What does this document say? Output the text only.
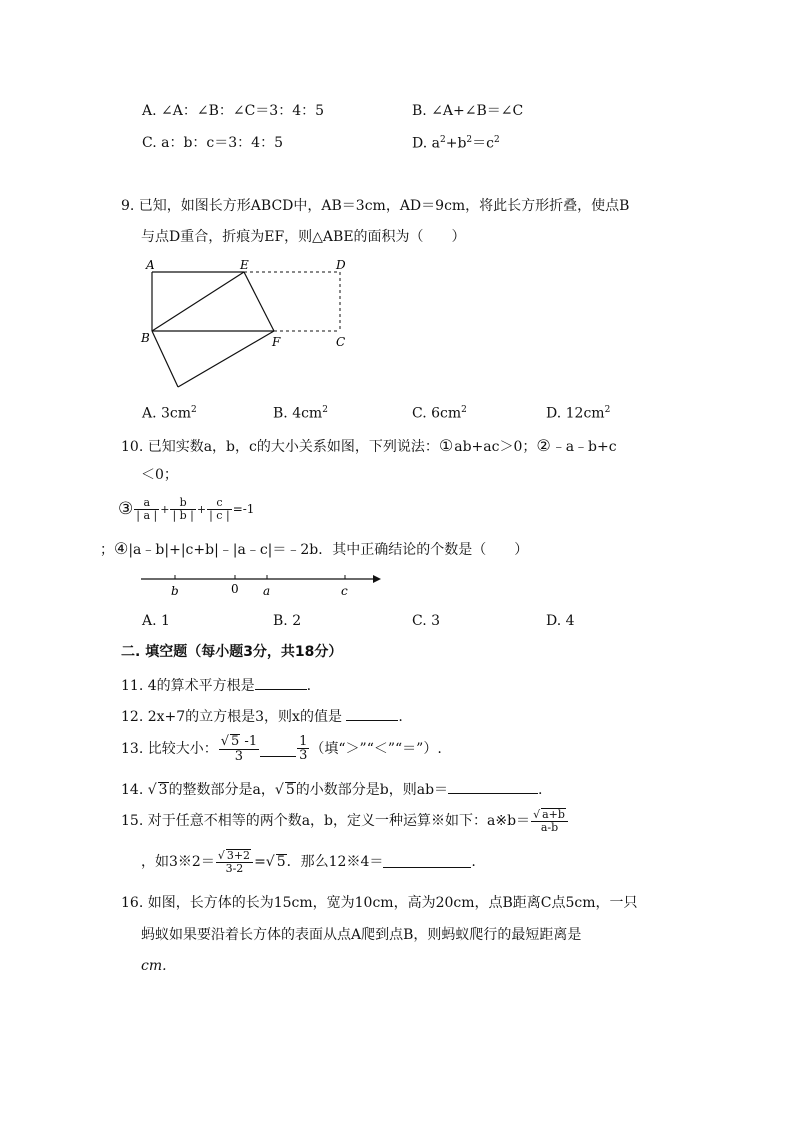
A. ∠A：∠B：∠C＝3：4：5	B. ∠A+∠B＝∠C
C. a：b：c＝3：4：5	D. $a^2+b^2=c^2$
9. 已知，如图长方形ABCD中，AB＝3cm，AD＝9cm，将此长方形折叠，使点B
与点D重合，折痕为EF，则△ABE的面积为（　　）
A	E	D
B	F	C
A. $3cm^2$	B. $4cm^2$	C. $6cm^2$	D. $12cm^2$
10. 已知实数a，b，c的大小关系如图，下列说法：①ab+ac＞0；②﹣a﹣b+c
＜0；
③ $\frac{a}{| a |} + \frac{b}{| b |} + \frac{c}{| c |} =-1$
；④|a﹣b|+|c+b|﹣|a﹣c|＝﹣2b．其中正确结论的个数是（　　）
b	0 a	c
A. 1	B. 2	C. 3	D. 4
二. 填空题（每小题3分，共18分）
11. 4的算术平方根是	.
12. 2x+7的立方根是3，则x的值是	.
13. 比较大小： $\frac{√ 5 -1}{3}$	$\frac{1}{3}$ （填“＞”“＜”“＝”）.
14. √ 3的整数部分是a，√ 5的小数部分是b，则ab＝	.
15. 对于任意不相等的两个数a，b，定义一种运算※如下：a※b＝ $\frac{√ a+b}{a-b}$
，如3※2＝ $\frac{√ 3+2}{3-2}$ = √ 5 ．那么12※4＝	.
16. 如图，长方体的长为15cm，宽为10cm，高为20cm，点B距离C点5cm，一只
蚂蚁如果要沿着长方体的表面从点A爬到点B，则蚂蚁爬行的最短距离是
cm.
